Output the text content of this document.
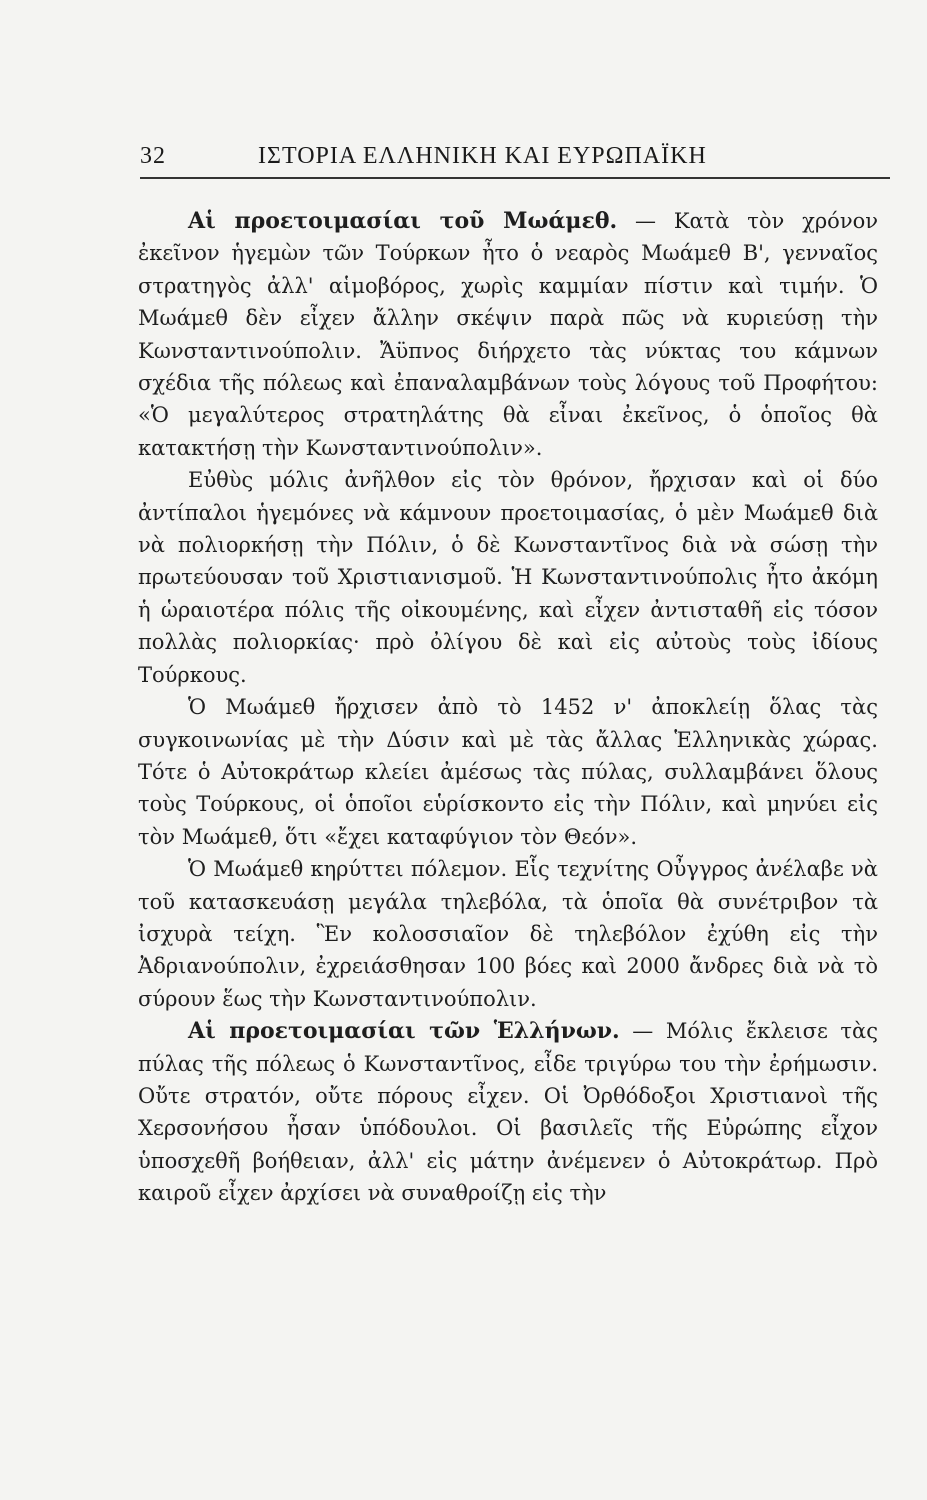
32	ΙΣΤΟΡΙΑ ΕΛΛΗΝΙΚΗ ΚΑΙ ΕΥΡΩΠΑΪΚΗ

Αἱ προετοιμασίαι τοῦ Μωάμεθ. — Κατὰ τὸν χρόνον ἐκεῖνον ἡγεμὼν τῶν Τούρκων ἦτο ὁ νεαρὸς Μωάμεθ Β', γενναῖος στρατηγὸς ἀλλ' αἱμοβόρος, χωρὶς καμμίαν πίστιν καὶ τιμήν. Ὁ Μωάμεθ δὲν εἶχεν ἄλλην σκέψιν παρὰ πῶς νὰ κυριεύσῃ τὴν Κωνσταντινούπολιν. Ἄϋπνος διήρχετο τὰς νύκτας του κάμνων σχέδια τῆς πόλεως καὶ ἐπαναλαμβάνων τοὺς λόγους τοῦ Προφήτου: «Ὁ μεγαλύτερος στρατηλάτης θὰ εἶναι ἐκεῖνος, ὁ ὁποῖος θὰ κατακτήσῃ τὴν Κωνσταντινούπολιν».

Εὐθὺς μόλις ἀνῆλθον εἰς τὸν θρόνον, ἤρχισαν καὶ οἱ δύο ἀντίπαλοι ἡγεμόνες νὰ κάμνουν προετοιμασίας, ὁ μὲν Μωάμεθ διὰ νὰ πολιορκήσῃ τὴν Πόλιν, ὁ δὲ Κωνσταντῖνος διὰ νὰ σώσῃ τὴν πρωτεύουσαν τοῦ Χριστιανισμοῦ. Ἡ Κωνσταντινούπολις ἦτο ἀκόμη ἡ ὡραιοτέρα πόλις τῆς οἰκουμένης, καὶ εἶχεν ἀντισταθῆ εἰς τόσον πολλὰς πολιορκίας· πρὸ ὀλίγου δὲ καὶ εἰς αὐτοὺς τοὺς ἰδίους Τούρκους.

Ὁ Μωάμεθ ἤρχισεν ἀπὸ τὸ 1452 ν' ἀποκλείῃ ὅλας τὰς συγκοινωνίας μὲ τὴν Δύσιν καὶ μὲ τὰς ἄλλας Ἑλληνικὰς χώρας. Τότε ὁ Αὐτοκράτωρ κλείει ἀμέσως τὰς πύλας, συλλαμβάνει ὅλους τοὺς Τούρκους, οἱ ὁποῖοι εὑρίσκοντο εἰς τὴν Πόλιν, καὶ μηνύει εἰς τὸν Μωάμεθ, ὅτι «ἔχει καταφύγιον τὸν Θεόν».

Ὁ Μωάμεθ κηρύττει πόλεμον. Εἷς τεχνίτης Οὖγγρος ἀνέλαβε νὰ τοῦ κατασκευάσῃ μεγάλα τηλεβόλα, τὰ ὁποῖα θὰ συνέτριβον τὰ ἰσχυρὰ τείχη. Ἓν κολοσσιαῖον δὲ τηλεβόλον ἐχύθη εἰς τὴν Ἀδριανούπολιν, ἐχρειάσθησαν 100 βόες καὶ 2000 ἄνδρες διὰ νὰ τὸ σύρουν ἕως τὴν Κωνσταντινούπολιν.

Αἱ προετοιμασίαι τῶν Ἑλλήνων. — Μόλις ἔκλεισε τὰς πύλας τῆς πόλεως ὁ Κωνσταντῖνος, εἶδε τριγύρω του τὴν ἐρήμωσιν. Οὔτε στρατόν, οὔτε πόρους εἶχεν. Οἱ Ὀρθόδοξοι Χριστιανοὶ τῆς Χερσονήσου ἦσαν ὑπόδουλοι. Οἱ βασιλεῖς τῆς Εὐρώπης εἶχον ὑποσχεθῆ βοήθειαν, ἀλλ' εἰς μάτην ἀνέμενεν ὁ Αὐτοκράτωρ. Πρὸ καιροῦ εἶχεν ἀρχίσει νὰ συναθροίζῃ εἰς τὴν
